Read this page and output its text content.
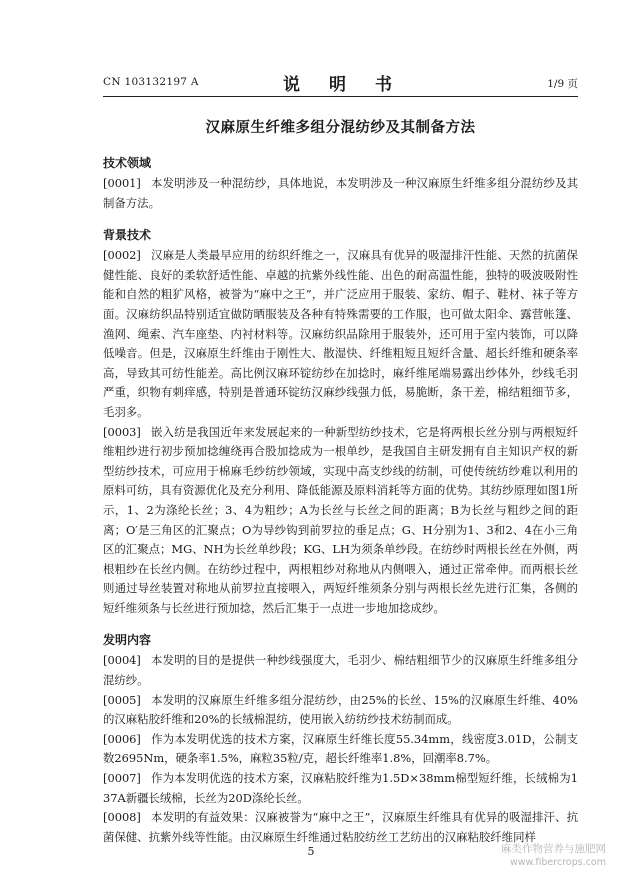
CN 103132197 A	说　明　书	1/9 页
汉麻原生纤维多组分混纺纱及其制备方法
技术领域

[0001] 本发明涉及一种混纺纱，具体地说，本发明涉及一种汉麻原生纤维多组分混纺纱及其制备方法。

背景技术

[0002] 汉麻是人类最早应用的纺织纤维之一，汉麻具有优异的吸湿排汗性能、天然的抗菌保健性能、良好的柔软舒适性能、卓越的抗紫外线性能、出色的耐高温性能，独特的吸波吸附性能和自然的粗犷风格，被誉为“麻中之王”，并广泛应用于服装、家纺、帽子、鞋材、袜子等方面。汉麻纺织品特别适宜做防晒服装及各种有特殊需要的工作服，也可做太阳伞、露营帐篷、渔网、绳索、汽车座垫、内衬材料等。汉麻纺织品除用于服装外，还可用于室内装饰，可以降低噪音。但是，汉麻原生纤维由于刚性大、散湿快、纤维粗短且短纤含量、超长纤维和硬条率高，导致其可纺性能差。高比例汉麻环锭纺纱在加捻时，麻纤维尾端易露出纱体外，纱线毛羽严重，织物有刺痒感，特别是普通环锭纺汉麻纱线强力低，易脆断，条干差，棉结粗细节多，毛羽多。

[0003] 嵌入纺是我国近年来发展起来的一种新型纺纱技术，它是将两根长丝分别与两根短纤维粗纱进行初步预加捻缠绕再合股加捻成为一根单纱，是我国自主研发拥有自主知识产权的新型纺纱技术，可应用于棉麻毛纱纺纱领域，实现中高支纱线的纺制，可使传统纺纱难以利用的原料可纺，具有资源优化及充分利用、降低能源及原料消耗等方面的优势。其纺纱原理如图1所示，1、2为涤纶长丝；3、4为粗纱；A为长丝与长丝之间的距离；B为长丝与粗纱之间的距离；O′是三角区的汇聚点；O为导纱钩到前罗拉的垂足点；G、H分别为1、3和2、4在小三角区的汇聚点；MG、NH为长丝单纱段；KG、LH为须条单纱段。在纺纱时两根长丝在外侧，两根粗纱在长丝内侧。在纺纱过程中，两根粗纱对称地从内侧喂入，通过正常牵伸。而两根长丝则通过导丝装置对称地从前罗拉直接喂入，两短纤维须条分别与两根长丝先进行汇集，各侧的短纤维须条与长丝进行预加捻，然后汇集于一点进一步地加捻成纱。

发明内容

[0004] 本发明的目的是提供一种纱线强度大，毛羽少、棉结粗细节少的汉麻原生纤维多组分混纺纱。

[0005] 本发明的汉麻原生纤维多组分混纺纱，由25%的长丝、15%的汉麻原生纤维、40%的汉麻粘胶纤维和20%的长绒棉混纺，使用嵌入纺纺纱技术纺制而成。

[0006] 作为本发明优选的技术方案，汉麻原生纤维长度55.34mm，线密度3.01D，公制支数2695Nm，硬条率1.5%，麻粒35粒/克，超长纤维率1.8%，回潮率8.7%。

[0007] 作为本发明优选的技术方案，汉麻粘胶纤维为1.5D×38mm棉型短纤维，长绒棉为137A新疆长绒棉，长丝为20D涤纶长丝。

[0008] 本发明的有益效果：汉麻被誉为“麻中之王”，汉麻原生纤维具有优异的吸湿排汗、抗菌保健、抗紫外线等性能。由汉麻原生纤维通过粘胶纺丝工艺纺出的汉麻粘胶纤维同样

5	麻类作物营养与施肥网
www.fibercrops.com
